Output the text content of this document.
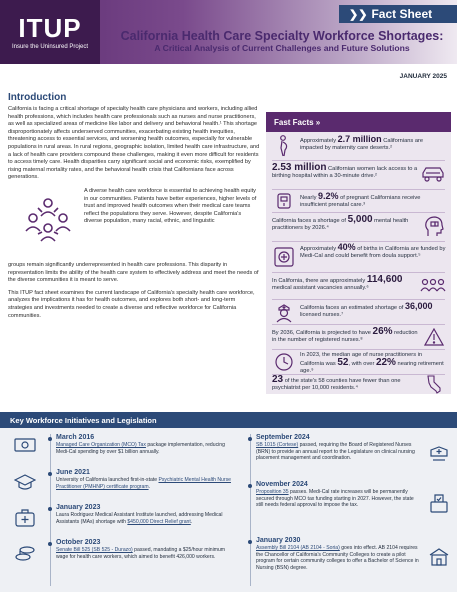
ITUP
Insure the Uninsured Project
❯❯ Fact Sheet
California Health Care Specialty Workforce Shortages:
A Critical Analysis of Current Challenges and Future Solutions
JANUARY 2025
Introduction

California is facing a critical shortage of specialty health care physicians and workers, including allied health professions, which includes health care professionals such as nurses and nurse practitioners, as well as specialized areas of medicine like labor and delivery and behavioral health.¹ This shortage disproportionately affects underserved communities, exacerbating existing health inequities, threatening access to essential services, and worsening health outcomes, especially for vulnerable populations in rural areas. In rural regions, geographic isolation, limited health care infrastructure, and a lack of health care providers compound these challenges, making it even more difficult for residents to access timely care. Health disparities carry significant social and economic risks, exemplified by rising maternal mortality rates, and the behavioral health crisis that Californians face across generations.

A diverse health care workforce is essential to achieving health equity in our communities. Patients have better experiences, higher levels of trust and improved health outcomes when their medical care teams reflect the populations they serve. However, despite California's diverse population, many racial, ethnic, and linguistic

groups remain significantly underrepresented in health care professions. This disparity in representation limits the ability of the health care system to effectively address and meet the needs of the diverse communities it is meant to serve.

This ITUP fact sheet examines the current landscape of California's specialty health care workforce, analyzes the implications it has for health outcomes, and explores both short- and long-term strategies and investments needed to create a diverse and reflective workforce for California communities.

Fast Facts »
Approximately 2.7 million Californians are impacted by maternity care deserts.²
2.53 million Californian women lack access to a birthing hospital within a 30-minute drive.²
Nearly 9.2% of pregnant Californians receive insufficient prenatal care.³
California faces a shortage of 5,000 mental health practitioners by 2026.⁴
Approximately 40% of births in California are funded by Medi-Cal and could benefit from doula support.⁵
In California, there are approximately 114,600 medical assistant vacancies annually.⁶
California faces an estimated shortage of 36,000 licensed nurses.⁷
By 2036, California is projected to have 26% reduction in the number of registered nurses.⁸
In 2023, the median age of nurse practitioners in California was 52, with over 22% nearing retirement age.⁹
23 of the state's 58 counties have fewer than one psychiatrist per 10,000 residents.⁴
Key Workforce Initiatives and Legislation
March 2016
Managed Care Organization (MCO) Tax package implementation, reducing Medi-Cal spending by over $1 billion annually.
June 2021
University of California launched first-in-state Psychiatric Mental Health Nurse Practitioner (PMHNP) certificate program.
January 2023
Laura Rodriguez Medical Assistant Institute launched, addressing Medical Assistants (MAs) shortage with $450,000 Direct Relief grant.
October 2023
Senate Bill 525 (SB 525 - Durazo) passed, mandating a $25/hour minimum wage for health care workers, which aimed to benefit 426,000 workers.
September 2024
SB 1015 (Cortese) passed, requiring the Board of Registered Nurses (BRN) to provide an annual report to the Legislature on clinical nursing placement management and coordination.
November 2024
Proposition 35 passes. Medi-Cal rate increases will be permanently secured through MCO tax funding starting in 2027. However, the state still needs federal approval to impose the tax.
January 2030
Assembly Bill 2104 (AB 2104 - Soria) goes into effect. AB 2104 requires the Chancellor of California's Community Colleges to create a pilot program for certain community colleges to offer a Bachelor of Science in Nursing (BSN) degree.
